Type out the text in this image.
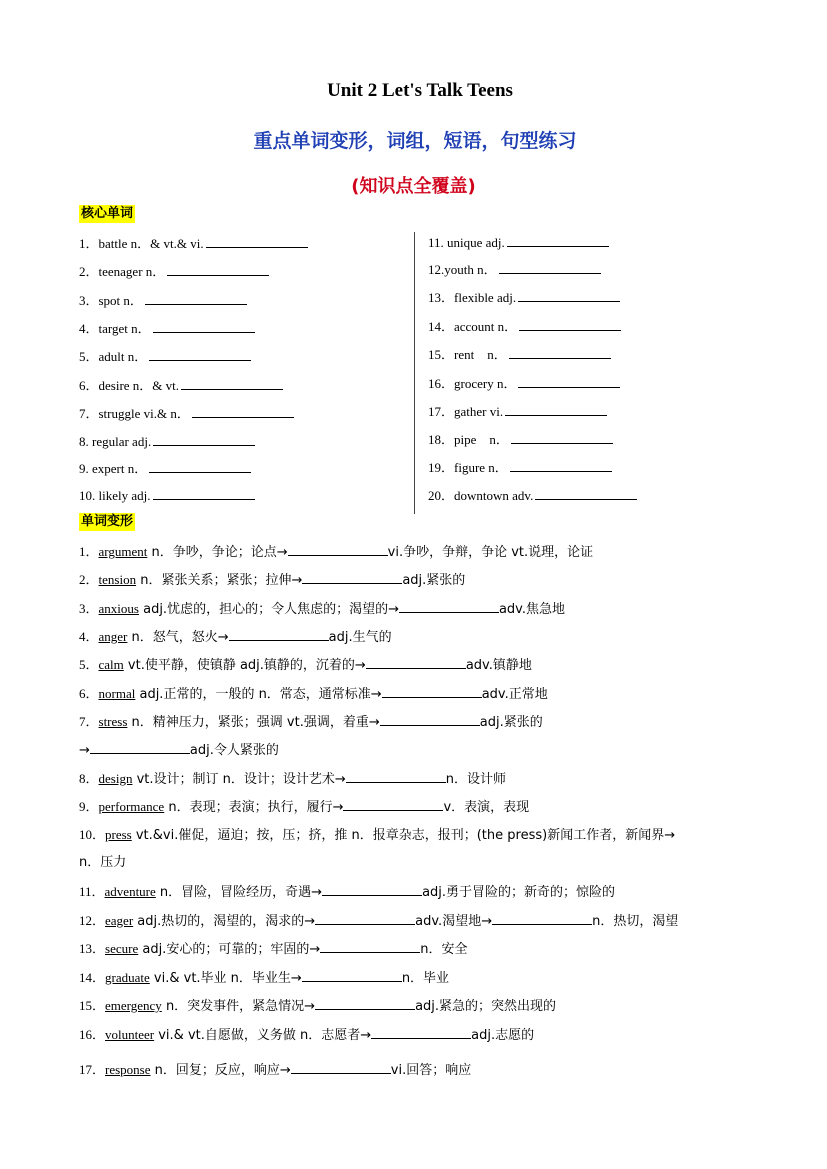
Unit 2 Let's Talk Teens
重点单词变形，词组，短语，句型练习
(知识点全覆盖)
核心单词
1．battle n．& vt.& vi.
2．teenager n．
3．spot n．
4．target n．
5．adult n．
6．desire n．& vt.
7．struggle vi.& n．
8. regular adj.
9. expert n．
10. likely adj.
11. unique adj.
12.youth n．
13．flexible adj.
14．account n．
15．rent　n．
16．grocery n．
17．gather vi.
18．pipe　n．
19．figure n．
20．downtown adv.
单词变形
1．argument n．争吵，争论；论点→	vi.争吵，争辩，争论 vt.说理，论证
2．tension n．紧张关系；紧张；拉伸→	adj.紧张的
3．anxious adj.忧虑的，担心的；令人焦虑的；渴望的→	adv.焦急地
4．anger n．怒气，怒火→	adj.生气的
5．calm vt.使平静，使镇静 adj.镇静的，沉着的→	adv.镇静地
6．normal adj.正常的，一般的 n．常态，通常标准→	adv.正常地
7．stress n．精神压力，紧张；强调 vt.强调，着重→	adj.紧张的
→	adj.令人紧张的
8．design vt.设计；制订 n．设计；设计艺术→	n．设计师
9．performance n．表现；表演；执行，履行→	v．表演，表现
10．press vt.&vi.催促，逼迫；按，压；挤，推 n．报章杂志，报刊；(the press)新闻工作者，新闻界→
n．压力
11．adventure n．冒险，冒险经历，奇遇→	adj.勇于冒险的；新奇的；惊险的
12．eager adj.热切的，渴望的，渴求的→	adv.渴望地→	n．热切，渴望
13．secure adj.安心的；可靠的；牢固的→	n．安全
14．graduate vi.& vt.毕业 n．毕业生→	n．毕业
15．emergency n．突发事件，紧急情况→	adj.紧急的；突然出现的
16．volunteer vi.& vt.自愿做，义务做 n．志愿者→	adj.志愿的
17．response n．回复；反应，响应→	vi.回答；响应
